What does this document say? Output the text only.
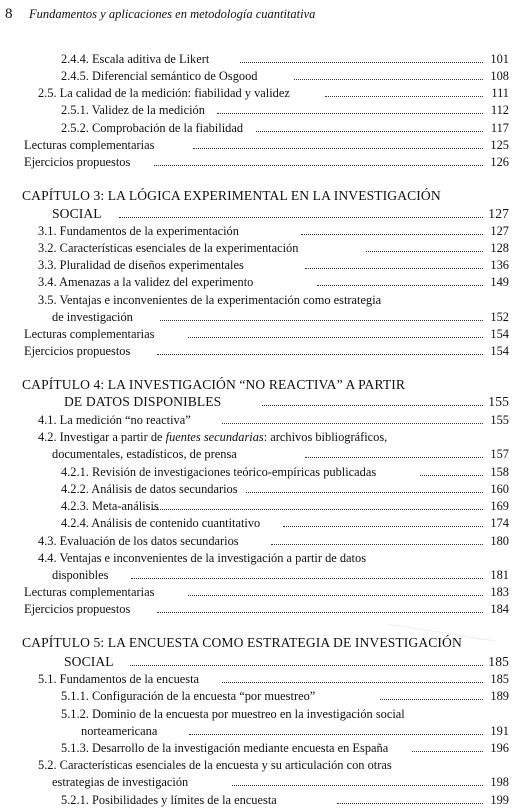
8 Fundamentos y aplicaciones en metodología cuantitativa
2.4.4. Escala aditiva de Likert	101
2.4.5. Diferencial semántico de Osgood	108
2.5. La calidad de la medición: fiabilidad y validez	111
2.5.1. Validez de la medición	112
2.5.2. Comprobación de la fiabilidad	117
Lecturas complementarias	125
Ejercicios propuestos	126
CAPÍTULO 3: LA LÓGICA EXPERIMENTAL EN LA INVESTIGACIÓN
SOCIAL	127
3.1. Fundamentos de la experimentación	127
3.2. Características esenciales de la experimentación	128
3.3. Pluralidad de diseños experimentales	136
3.4. Amenazas a la validez del experimento	149
3.5. Ventajas e inconvenientes de la experimentación como estrategia
de investigación	152
Lecturas complementarias	154
Ejercicios propuestos	154
CAPÍTULO 4: LA INVESTIGACIÓN “NO REACTIVA” A PARTIR
DE DATOS DISPONIBLES	155
4.1. La medición “no reactiva”	155
4.2. Investigar a partir de fuentes secundarias: archivos bibliográficos,
documentales, estadísticos, de prensa	157
4.2.1. Revisión de investigaciones teórico-empíricas publicadas	158
4.2.2. Análisis de datos secundarios	160
4.2.3. Meta-análisis	169
4.2.4. Análisis de contenido cuantitativo	174
4.3. Evaluación de los datos secundarios	180
4.4. Ventajas e inconvenientes de la investigación a partir de datos
disponibles	181
Lecturas complementarias	183
Ejercicios propuestos	184
CAPÍTULO 5: LA ENCUESTA COMO ESTRATEGIA DE INVESTIGACIÓN
SOCIAL	185
5.1. Fundamentos de la encuesta	185
5.1.1. Configuración de la encuesta “por muestreo”	189
5.1.2. Dominio de la encuesta por muestreo en la investigación social
norteamericana	191
5.1.3. Desarrollo de la investigación mediante encuesta en España	196
5.2. Características esenciales de la encuesta y su articulación con otras
estrategias de investigación	198
5.2.1. Posibilidades y límites de la encuesta	199
